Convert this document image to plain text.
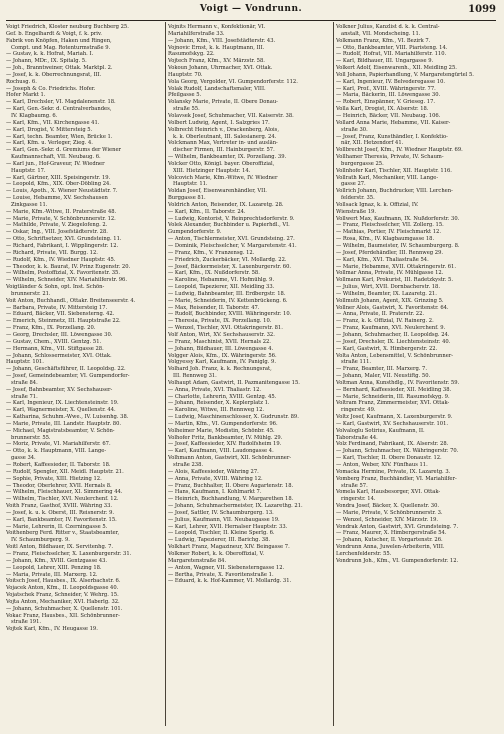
Voigt — Vondrunn.	1099
Voigt Friedrich, Kloster neuburg Buchberg 25.
Gef. b. Engelhardt & Voigt, f. k. priv.
Fabrik von Knöpfen, Haken und Ringen,
Compt. und Mag. Rotenturmstraße 9.
— Gustav, k. k. Hofrat, Mariah. I.
— Johann, MDr., IX. Spitalg. 5.
— Joh., Branntweiner, Ottak. Marktpl. 2.
— Josef, k. k. Oberrechnungsrat, III.
Rochusg. 6.
— Joseph & Co. Friedrichs. Hofer.
Hofer Markt 1.
— Karl, Drechsler, VI. Magdalenenstr. 18.
— Karl, Gen.-Sekr. d. Centralverbandes,
IV. Klagbaumg. 6.
— Karl, Kfm., VII. Kirchengasse 41.
— Karl, Drogist, V. Mittersteig 5.
— Karl, techn. Beamter, Wien, Brücke 1.
— Karl, Kfm. u. Verleger, Zieg. 4.
— Karl, Gen.-Sekr. d. Gremiums der Wiener
Kaufmannschaft, VII. Neubaug. 6.
— Karl jun., Hof-Graveur, IV. Wiedner
Hauptstr. 17.
— Karl, Gärtner, XIII. Speisingerstr. 19.
— Leopold, Kfm., XIX. Ober-Döbling 24.
— Louis, Apoth., X. Wiener Neustädtstr. 7.
— Louise, Hebamme, XV. Sechshausen
Zinkgasse 11.
— Marie, Kfm.-Witwe, II. Praterstraße 48.
— Marie, Private, V. Schönbrunnerstr. 12.
— Mathilde, Private, V. Ziegelofeng. 2.
— Oskar, Ing., VIII. Josefstädterstr. 28.
— Otto, Schriftsetzer, XVI. Grundsteing. 11.
— Richard, Fabrikant, I. Wipplingerstr. 12.
— Richard, Private, VII. Burgg. 12.
— Rudolf, Kfm., IV. Wiedner Hauptstr. 45.
— Theodor, k. k. Baurat, IV. Prinz Eugenstr. 20.
— Wilhelm, Postoffizial, X. Favoritenstr. 35.
— Wilhelm, Schneider, XIV. Mariahilferstr. 96.
Voigtländer & Sohn, opt. Inst. Schön-
brunnerstr. 21.
Voit Anton, Buchhandl., Ottakr. Breitenseerstr. 4.
— Barbara, Private, IV. Mittersteig 17.
— Eduard, Bäcker, VII. Siebensterng. 42.
— Emerich, Steinmetz, III. Hauptstraße 22.
— Franz, Kfm., IX. Porzellang. 20.
— Georg, Drechsler, III. Löwengasse 30.
— Gustav, Chem., XVIII. Gentzg. 51.
— Hermann, Kfm., VII. Stiftgasse 28.
— Johann, Schlossermeister, XVI. Ottak.
Hauptstr. 101.
— Johann, Geschäftsführer, II. Leopoldsg. 22.
— Josef, Gemeindebeamter, VI. Gumpendorfer-
straße 84.
— Josef, Bahnbeamter, XV. Sechshauser-
straße 71.
— Karl, Ingenieur, IX. Liechtensteinstr. 19.
— Karl, Wagnermeister, X. Quellenstr. 44.
— Katharina, Schuhm.-Wwe., IV. Luisenhg. 38.
— Marie, Private, III. Landstr. Hauptstr. 80.
— Michael, Magistratsbeamter, V. Schön-
brunnerstr. 55.
— Moriz, Private, VI. Mariahilferstr. 67.
— Otto, k. k. Hauptmann, VIII. Lange-
gasse 34.
— Robert, Kaffeesieder, II. Taborstr. 18.
— Rudolf, Spengler, XII. Meidl. Hauptstr. 21.
— Sophie, Private, XIII. Hietzing 12.
— Theodor, Oberlehrer, XVII. Hernals 8.
— Wilhelm, Fleischhauer, XI. Simmering 44.
— Wilhelm, Tischler, XVI. Neulerchenf. 12.
Voith Franz, Gasthof, XVIII. Währing 33.
— Josef, k. u. k. Oberst, III. Reisnerstr. 9.
— Karl, Bankbeamter, IV. Favoritenstr. 15.
— Marie, Lehrerin, II. Czerningasse 5.
Voithenberg Ferd. Ritter v., Staatsbeamter,
IV. Schaumburgerg. 9.
Voitl Anton, Bildhauer, IX. Servitenhg. 7.
— Franz, Fleischselcher, X. Laxenburgerstr. 31.
— Johann, Kfm., XVIII. Gentzgasse 43.
— Leopold, Lehrer, XIII. Penzing 18.
— Maria, Private, III. Marxerg. 12.
Voitsch Josef, Hausbes., IX. Alserbachstr. 6.
Vojacek Anton, Kfm., II. Leopoldsgasse 40.
Vojatschek Franz, Schneider, V. Wehrg. 15.
Vojta Anton, Mechaniker, XVI. Haberlg. 32.
— Johann, Schuhmacher, X. Quellenstr. 101.
Vokac Franz, Hausbes., XII. Schönbrunner-
straße 191.
Vojtek Karl, Kfm., IV. Heugasse 19.
Vojnits Hermann v., Konfektionär, VI.
Mariahilferstraße 33.
— Johann, Kfm., VIII. Josefstädterstr. 43.
Vojnovic Ernst, k. k. Hauptmann, III.
Rasumofskyg. 22.
Vojtech Franz, Kfm., XV. Märzstr. 58.
Vokoun Johann, Uhrmacher, XVI. Ottak.
Hauptstr. 70.
Vola Georg, Vergolder, VI. Gumpendorferstr. 112.
Volak Rudolf, Landschaftsmaler, VIII.
Pfeilgasse 5.
Volansky Marie, Private, II. Obere Donau-
straße 55.
Volavsek Josef, Schuhmacher, VII. Kaiserstr. 38.
Volbert Ludwig, Agent, I. Salzgries 17.
Volbrecht Heinrich v., Drackenberg, Alois,
k. k. Oberleutnant, III. Salesianerg. 24.
Volckmann Max, Vertreter in- und auslän-
discher Firmen, III. Hainburgerstr. 57.
— Wilhelm, Bankbeamter, IX. Porzellang. 39.
Volcker Otto, Königl. bayer. Oberoffizial,
XIII. Hietzinger Hauptstr. 14.
Volcovich Marie, Kfm.-Witwe, IV. Wiedner
Hauptstr. 11.
Voldan Josef, Eisenwarenhändler, VII.
Burggasse 81.
Voldrich Anton, Reisender, IX. Lazaretg. 28.
— Karl, Kfm., II. Taborstr. 24.
— Ludwig, Kontorist, V. Reinprechtsdorferstr. 9.
Volek Alexander, Buchbinder u. Papierhdl., VI.
Gumpendorferstr. 9.
— Anton, Tischlermeister, XVI. Grundsteing. 27.
— Dominik, Fleischselcher, V. Margaretenstr. 41.
— Franz, Kfm., V. Franzensg. 12.
— Friedrich, Zuckerbäcker, VI. Mollardg. 22.
— Josef, Bäckermeister, X. Laxenburgerstr. 60.
— Karl, Kfm., IX. Nußdorferstr. 58.
— Karoline, Hebamme, VI. Hofmühlg. 9.
— Leopold, Tapezierer, XII. Meidling 33.
— Ludwig, Bahnbeamter, III. Erdbergstr. 18.
— Marie, Schneiderin, IV. Kettenbrückeng. 6.
— Max, Reisender, II. Taborstr. 47.
— Rudolf, Buchbinder, XVIII. Währingerstr. 10.
— Theresia, Private, IX. Porzellang. 10.
— Wenzel, Tischler, XVI. Ottakringerstr. 81.
Volf Anton, Wirt, XV. Sechshauserstr. 32.
— Franz, Maschinist, XVII. Hernals 22.
— Johann, Bildhauer, III. Löwengasse 4.
Volgger Alois, Kfm., IX. Währingerstr. 56.
Volgyessy Karl, Kaufmann, IV. Paniglg. 9.
Volhard Joh. Franz, k. k. Rechnungsrat,
III. Rennweg 31.
Volhaupt Adam, Gastwirt, II. Pazmanitengasse 15.
— Anna, Private, XVI. Thaliastr. 12.
— Charlotte, Lehrerin, XVIII. Gentzg. 45.
— Johann, Reisender, X. Keplerplatz 1.
— Karoline, Witwe, III. Rennweg 12.
— Ludwig, Maschinenschlosser, X. Gudrunstr. 89.
— Martin, Kfm., VI. Gumpendorferstr. 96.
Volheimer Marie, Modistin, Schönbr. 45.
Volhofer Fritz, Bankbeamter, IV. Mühlg. 29.
— Josef, Kaffeesieder, XIV. Rudolfsheim 19.
— Karl, Kaufmann, VIII. Laudongasse 4.
Volhmann Anton, Gastwirt, XII. Schönbrunner-
straße 238.
— Alois, Kaffeesieder, Währing 27.
— Anna, Private, XVIII. Währing 12.
— Franz, Buchhalter, II. Obere Augartenstr. 18.
— Hans, Kaufmann, I. Kohlmarkt 7.
— Heinrich, Buchhandlung, V. Margarethen 18.
— Johann, Schuhmachermeister, IX. Lazarethg. 21.
— Josef, Sattler, IV. Schaumburgerg. 13.
— Julius, Kaufmann, VII. Neubaugasse 19.
— Karl, Lehrer, XVII. Hernalser Hauptstr. 33.
— Leopold, Tischler, II. Kleine Sperlg. 6.
— Ludwig, Tapezierer, III. Barichg. 38.
Volkhart Franz, Magazineur, XIV. Beingasse 7.
Volkmer Robert, k. k. Oberoffizial, V.
Margaretenstraße 84.
— Anton, Wagner, VII. Siebensterngasse 12.
— Bertha, Private, X. Favoritenstraße 1.
— Eduard, k. k. Hof-Kammer, VI. Mollardg. 31.
Volkner Julius, Kanzlist d. k. k. Central-
anstalt, VII. Mondscheing. 11.
Volkmann Franz, Kfm., VI. Bezirk 7.
— Otto, Bankbeamter, VIII. Piaristeng. 14.
— Rudolf, Hofrat, VII. Mariahilferstr. 110.
— Karl, Bildhauer, III. Ungargasse 9.
Volkert Adolf, Eisenwarenh., XII. Meidling 25.
Voll Johann, Papierhandlung, V. Margaretengürtel 5.
— Karl, Ingenieur, IV. Belvederegasse 10.
— Karl, Prof., XVIII. Währingerstr. 77.
— Maria, Bäckerin, III. Löwengasse 30.
— Robert, Einspänner, V. Grieseg. 17.
Volla Karl, Drogist, IX. Alserstr. 18.
— Heinrich, Bäcker, VII. Neubaug. 106.
Vollard Anna Marie, Hebamme, VII. Kaiser-
straße 30.
— Josef, Franz, Kunsthändler, I. Konfektio-
när, XII. Hetzendorf 41.
Vollbrecht Josef, Kfm., IV. Wiedner Hauptstr. 69.
Vollhamer Theresia, Private, IV. Schaum-
burgergasse 25.
Vollnhofer Karl, Tischler, XII. Hauptstr. 116.
Vollrath Karl, Mechaniker, VIII. Lange-
gasse 27.
Vollrich Johann, Buchdrucker, VIII. Lerchen-
felderstr. 35.
Vollsack Ignaz, k. k. Offizial, IV.
Wienstraße 19.
Vollwert Max, Kaufmann, IX. Nußdorferstr. 30.
— Franz, Fleischselcher, VII. Zollerg. 15.
— Mathias, Portier, IV. Fleischmarkt 12.
— Rosa, Kfm., IV. Klagbaumgasse 18.
— Wilhelm, Baumeister, IV. Schaumburgerg. 8.
— Josef, Pferdehändler, III. Rennweg 29.
— Karl, Kfm., XVI. Thaliastraße 54.
— Marie, Hebamme, XVII. Ottakringerstr. 61.
Vollmar Anna, Private, IV. Mühlgasse 12.
Vollmann Karl, Prokurist, III. Radetzkystr. 5.
— Julius, Wirt, XVII. Dornbacherstr. 18.
— Wilhelm, Beamter, IX. Lazaretg. 21.
Vollmuth Johann, Agent, XIX. Grinzing 5.
Vollner Alois, Gastwirt, X. Favoritenstr. 64.
— Anna, Private, II. Praterstr. 22.
— Franz, k. k. Offizial, IV. Rainerg. 2.
— Franz, Kaufmann, XVI. Neulerchenf. 9.
— Johann, Schuhmacher, II. Leopoldsg. 24.
— Josef, Drechsler, IX. Liechtensteinstr. 40.
— Karl, Gastwirt, X. Himbergerstr. 22.
Volta Anton, Lebensmittel, V. Schönbrunner-
straße 111.
— Franz, Beamter, III. Marxerg. 7.
— Johann, Maler, VII. Neustiftg. 50.
Voltman Anna, Kunsthdlg., IV. Favoritenstr. 59.
— Bernhard, Kaffeesieder, XII. Meidling 38.
— Marie, Schneiderin, III. Rasumofskyg. 9.
Voltram Franz, Zimmermeister, XVI. Ottak-
ringerstr. 49.
Voltz Josef, Kaufmann, X. Laxenburgerstr. 9.
— Karl, Gastwirt, XV. Sechshauserstr. 101.
Volvaloglu Sotirius, Kaufmann, II.
Taborstraße 44.
Volz Ferdinand, Fabrikant, IX. Alserstr. 28.
— Johann, Schuhmacher, IX. Währingerstr. 70.
— Karl, Tischler, II. Obere Donaustr. 12.
— Anton, Weber, XIV. Fünfhaus 11.
Vomacka Hermine, Private, IX. Lazaretg. 3.
Vomberg Franz, Buchhändler, VI. Mariahilfer-
straße 57.
Vomela Karl, Hausbesorger, XVI. Ottak-
ringerstr. 14.
Vondra Josef, Bäcker, X. Quellenstr. 30.
— Marie, Private, V. Schönbrunnerstr. 3.
— Wenzel, Schneider, XIV. Märzstr. 19.
Vondrak Anton, Gastwirt, XVI. Grundsteing. 7.
— Franz, Maurer, X. Himbergerstraße 54.
— Johann, Kutscher, II. Vorgartenstr. 26.
Vondrunn Anna, Juwelen-Arbeiterin, VIII.
Lerchenfelderstr. 55.
Vondrunn Joh., Kfm., VI. Gumpendorferstr. 12.
